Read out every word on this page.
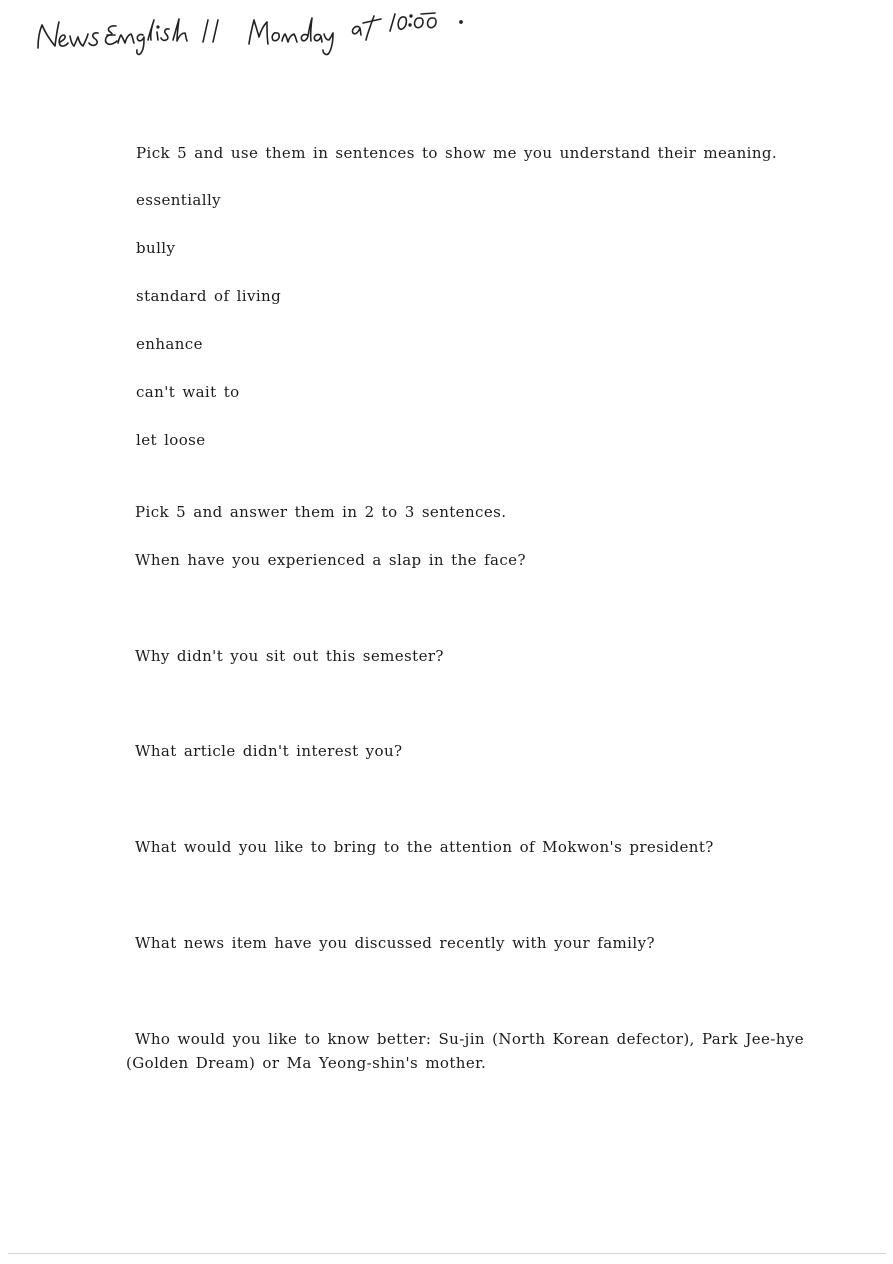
Pick 5 and use them in sentences to show me you understand their meaning.
essentially
bully
standard of living
enhance
can't wait to
let loose
Pick 5 and answer them in 2 to 3 sentences.
When have you experienced a slap in the face?
Why didn't you sit out this semester?
What article didn't interest you?
What would you like to bring to the attention of Mokwon's president?
What news item have you discussed recently with your family?
Who would you like to know better: Su-jin (North Korean defector), Park Jee-hye
(Golden Dream) or Ma Yeong-shin's mother.
